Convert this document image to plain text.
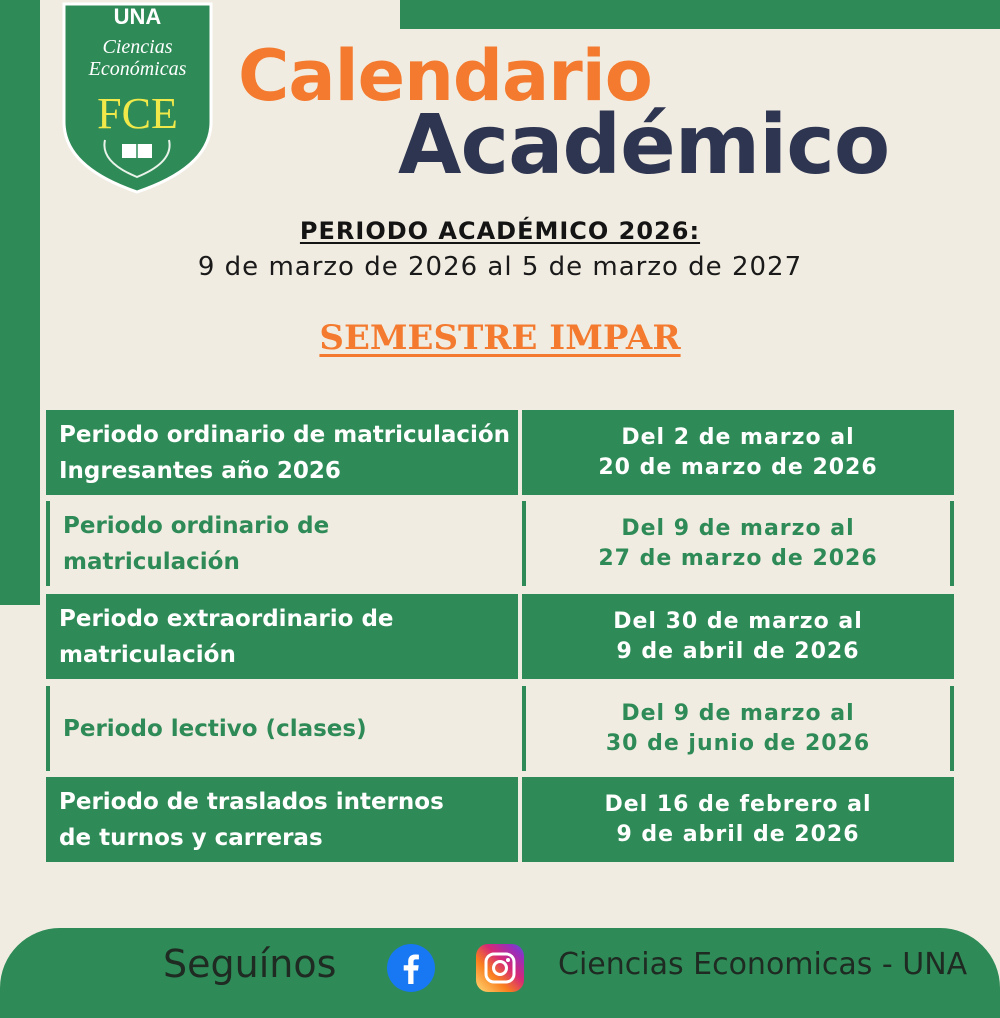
UNA
Ciencias
Económicas
FCE Calendario
Académico
PERIODO ACADÉMICO 2026:
9 de marzo de 2026 al 5 de marzo de 2027
SEMESTRE IMPAR
Periodo ordinario de matriculación
Ingresantes año 2026
Del 2 de marzo al
20 de marzo de 2026
Periodo ordinario de
matriculación
Del 9 de marzo al
27 de marzo de 2026
Periodo extraordinario de
matriculación
Del 30 de marzo al
9 de abril de 2026
Periodo lectivo (clases)
Del 9 de marzo al
30 de junio de 2026
Periodo de traslados internos
de turnos y carreras
Del 16 de febrero al
9 de abril de 2026
Seguínos	Ciencias Economicas - UNA
